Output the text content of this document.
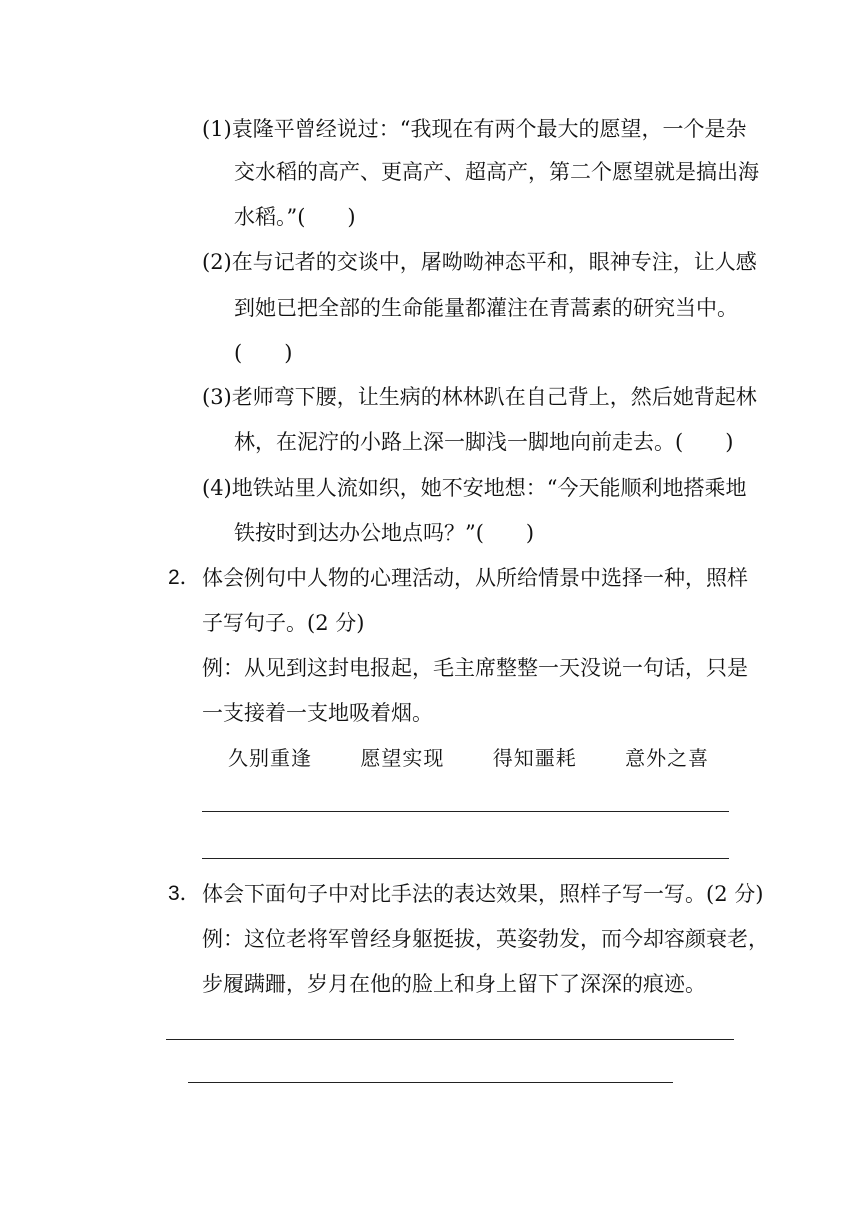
(1)袁隆平曾经说过：“我现在有两个最大的愿望，一个是杂
交水稻的高产、更高产、超高产，第二个愿望就是搞出海
水稻。”(　　)
(2)在与记者的交谈中，屠呦呦神态平和，眼神专注，让人感
到她已把全部的生命能量都灌注在青蒿素的研究当中。
(　　)
(3)老师弯下腰，让生病的林林趴在自己背上，然后她背起林
林，在泥泞的小路上深一脚浅一脚地向前走去。(　　)
(4)地铁站里人流如织，她不安地想：“今天能顺利地搭乘地
铁按时到达办公地点吗？”(　　)
2． 体会例句中人物的心理活动，从所给情景中选择一种，照样
子写句子。(2 分)
例：从见到这封电报起，毛主席整整一天没说一句话，只是
一支接着一支地吸着烟。
久别重逢 愿望实现 得知噩耗 意外之喜
3． 体会下面句子中对比手法的表达效果，照样子写一写。(2 分)
例：这位老将军曾经身躯挺拔，英姿勃发，而今却容颜衰老，
步履蹒跚，岁月在他的脸上和身上留下了深深的痕迹。
